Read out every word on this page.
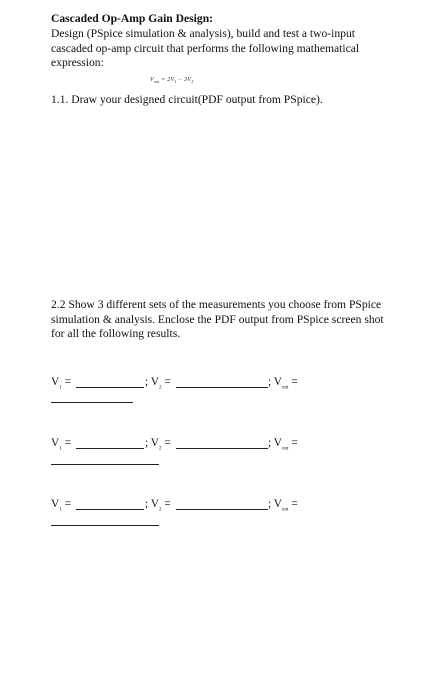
Cascaded Op-Amp Gain Design:
Design (PSpice simulation & analysis), build and test a two-input cascaded op-amp circuit that performs the following mathematical expression:
$V_{out} = 2V_1 - 3V_2$
1.1. Draw your designed circuit(PDF output from PSpice).
2.2 Show 3 different sets of the measurements you choose from PSpice simulation & analysis. Enclose the PDF output from PSpice screen shot for all the following results.
$V_1$ =	; $V_2$ =	; $V_{out}$ =
$V_1$ =	; $V_2$ =	; $V_{out}$ =
$V_1$ =	; $V_2$ =	; $V_{out}$ =
